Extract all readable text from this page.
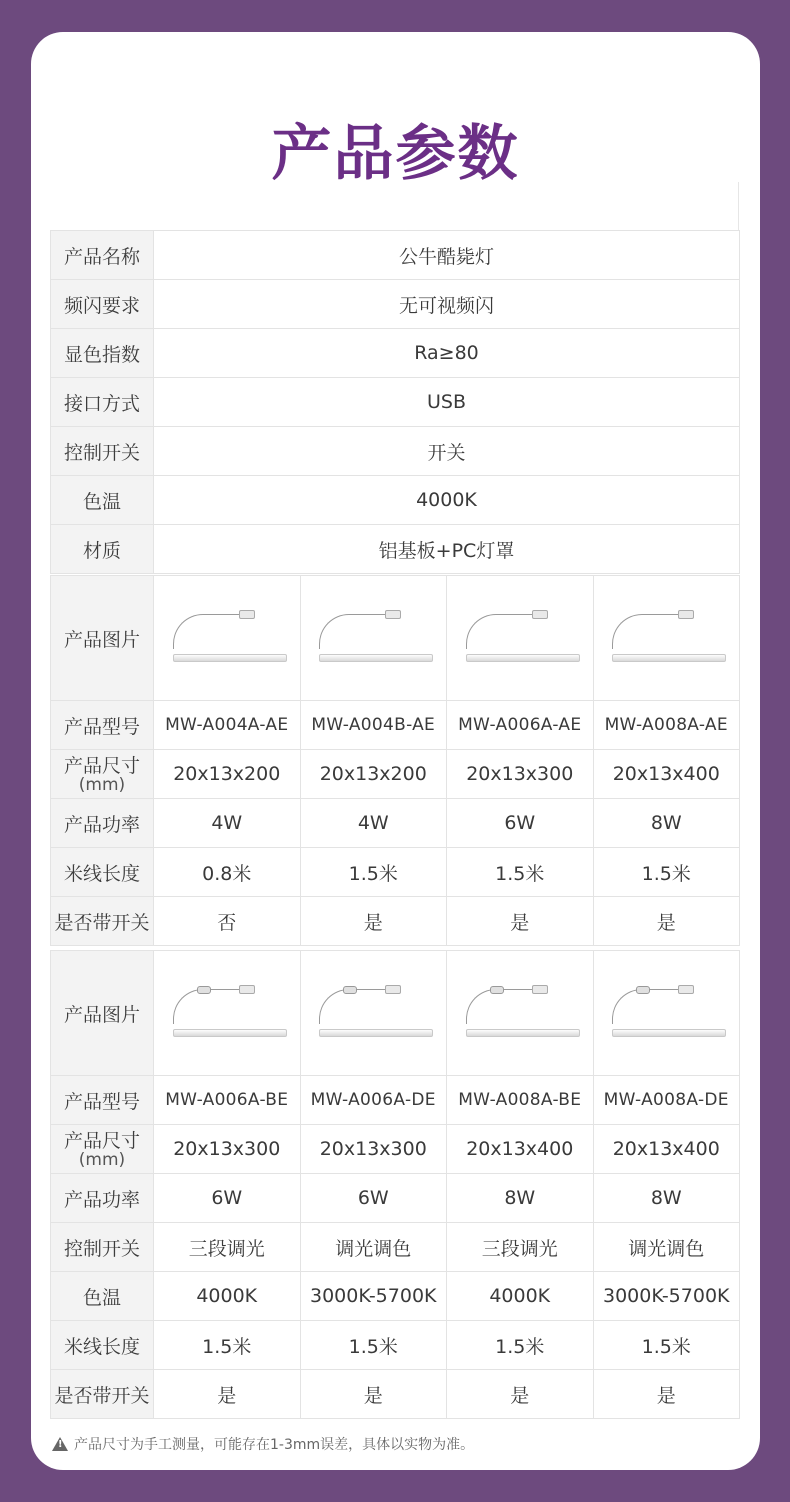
产品参数
产品名称	公牛酷毙灯
频闪要求	无可视频闪
显色指数	Ra≥80
接口方式	USB
控制开关	开关
色温	4000K
材质	铝基板+PC灯罩
产品图片	

产品型号	MW-A004A-AE	MW-A004B-AE	MW-A006A-AE	MW-A008A-AE

产品尺寸
(mm)	20x13x200	20x13x200	20x13x300	20x13x400
产品功率	4W	4W	6W	8W
米线长度	0.8米	1.5米	1.5米	1.5米
是否带开关	否	是	是	是
产品图片	

产品型号	MW-A006A-BE	MW-A006A-DE	MW-A008A-BE	MW-A008A-DE

产品尺寸
(mm)	20x13x300	20x13x300	20x13x400	20x13x400
产品功率	6W	6W	8W	8W
控制开关	三段调光	调光调色	三段调光	调光调色
色温	4000K	3000K-5700K	4000K	3000K-5700K
米线长度	1.5米	1.5米	1.5米	1.5米
是否带开关	是	是	是	是
!
产品尺寸为手工测量，可能存在1-3mm误差，具体以实物为准。
